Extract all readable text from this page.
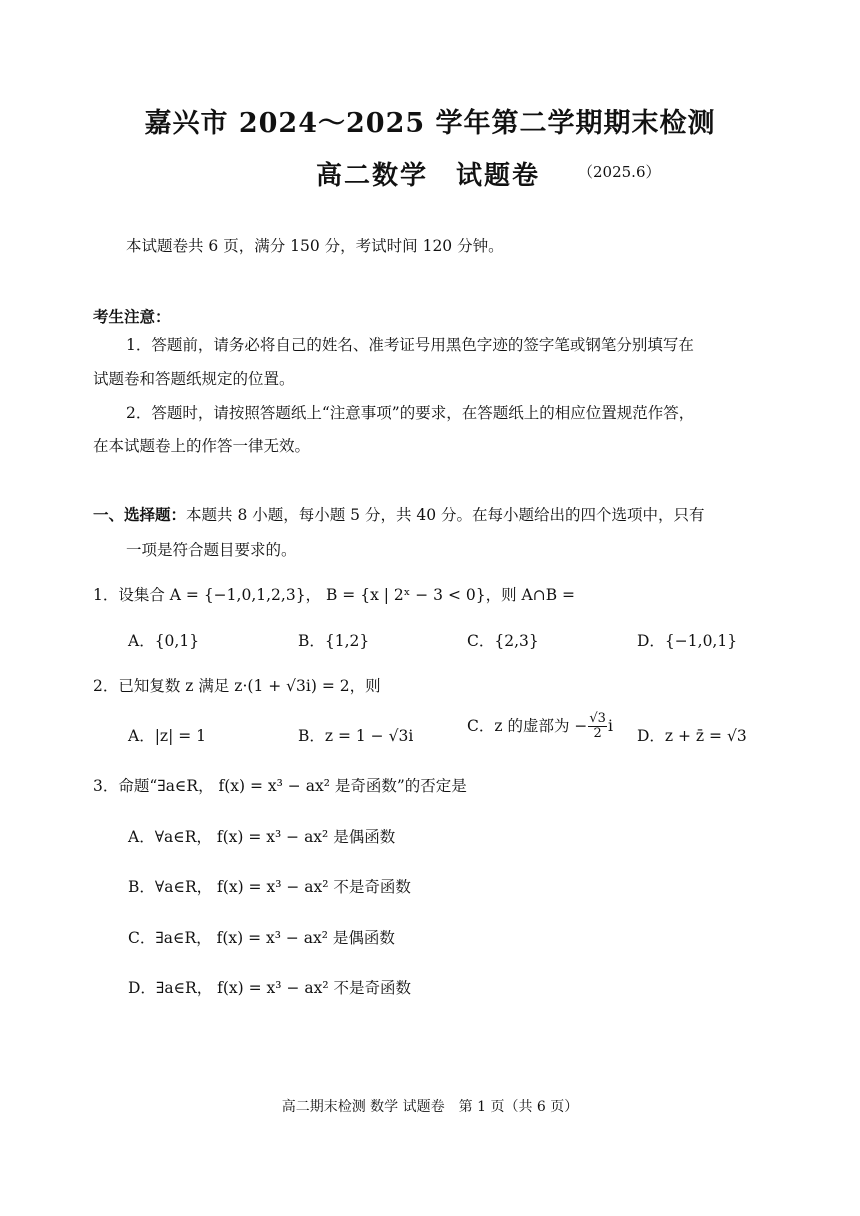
嘉兴市 2024～2025 学年第二学期期末检测
高二数学　试题卷	（2025.6）
本试题卷共 6 页，满分 150 分，考试时间 120 分钟。
考生注意：
1．答题前，请务必将自己的姓名、准考证号用黑色字迹的签字笔或钢笔分别填写在
试题卷和答题纸规定的位置。
2．答题时，请按照答题纸上“注意事项”的要求，在答题纸上的相应位置规范作答，
在本试题卷上的作答一律无效。
一、选择题：本题共 8 小题，每小题 5 分，共 40 分。在每小题给出的四个选项中，只有
一项是符合题目要求的。
1．设集合 A = {−1,0,1,2,3}， B = {x | 2ˣ − 3 < 0}，则 A∩B =
A．{0,1}	B．{1,2}	C．{2,3}	D．{−1,0,1}
2．已知复数 z 满足 z·(1 + √3i) = 2，则
A．|z| = 1	B．z = 1 − √3i
C．z 的虚部为 − $\frac{√3}{2}$ i
D．z + z̄ = √3
3．命题“∃a∈R， f(x) = x³ − ax² 是奇函数”的否定是
A．∀a∈R， f(x) = x³ − ax² 是偶函数
B．∀a∈R， f(x) = x³ − ax² 不是奇函数
C．∃a∈R， f(x) = x³ − ax² 是偶函数
D．∃a∈R， f(x) = x³ − ax² 不是奇函数
高二期末检测 数学 试题卷　第 1 页（共 6 页）
